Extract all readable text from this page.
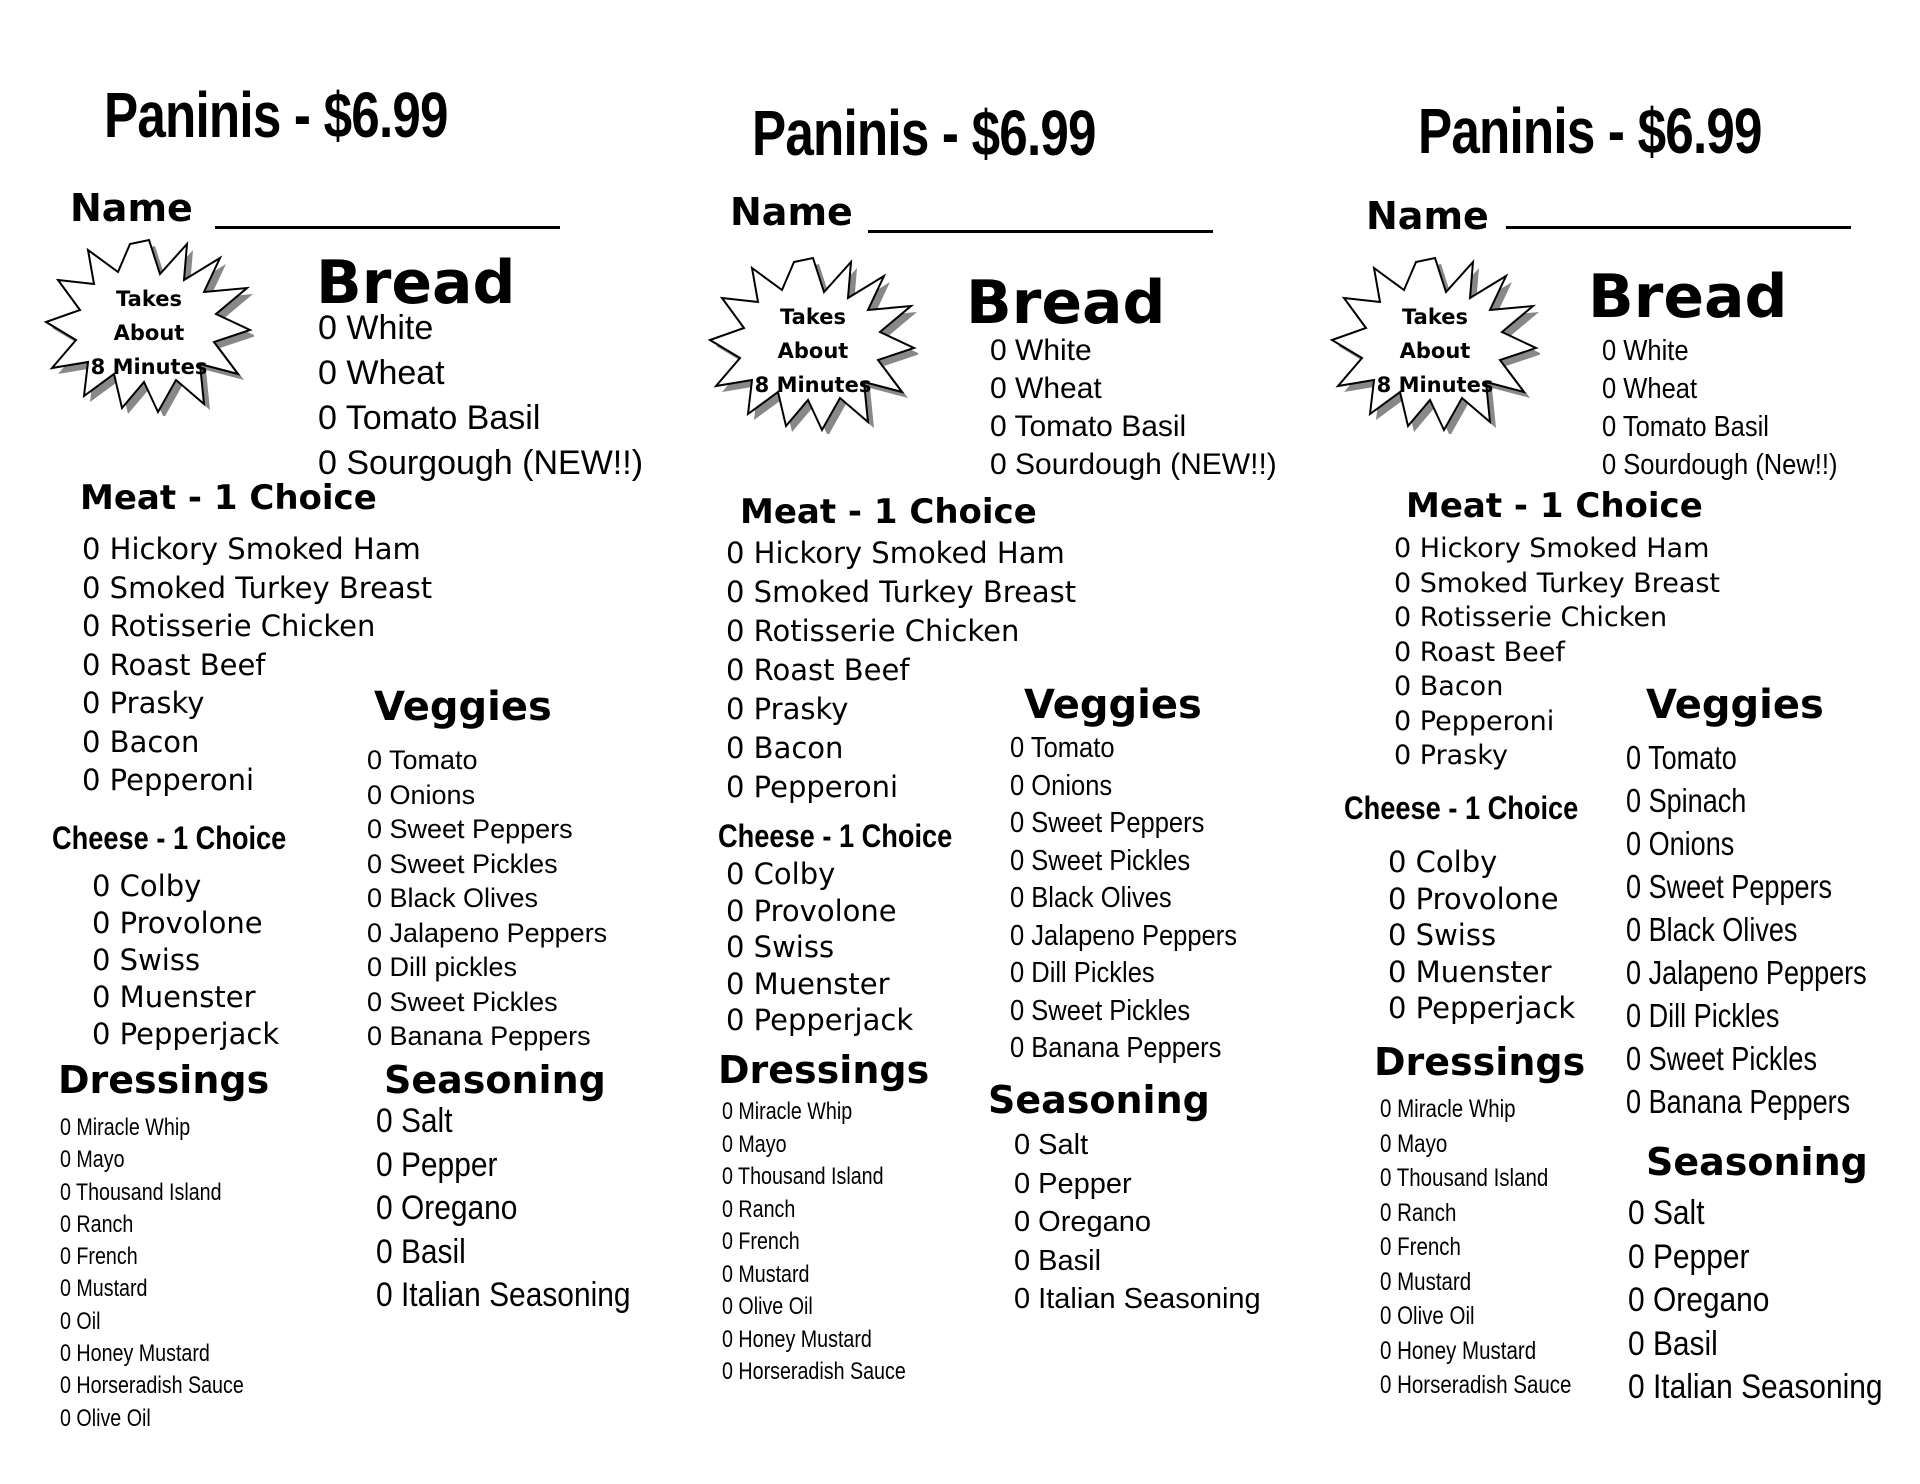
Paninis - $6.99
Name
Takes
About
8 Minutes
Bread
0 White
0 Wheat
0 Tomato Basil
0 Sourgough (NEW!!)
Meat - 1 Choice
0 Hickory Smoked Ham
0 Smoked Turkey Breast
0 Rotisserie Chicken
0 Roast Beef
0 Prasky
0 Bacon
0 Pepperoni
Veggies
0 Tomato
0 Onions
0 Sweet Peppers
0 Sweet Pickles
0 Black Olives
0 Jalapeno Peppers
0 Dill pickles
0 Sweet Pickles
0 Banana Peppers
Cheese - 1 Choice
0 Colby
0 Provolone
0 Swiss
0 Muenster
0 Pepperjack
Dressings
0 Miracle Whip
0 Mayo
0 Thousand Island
0 Ranch
0 French
0 Mustard
0 Oil
0 Honey Mustard
0 Horseradish Sauce
0 Olive Oil
Seasoning
0 Salt
0 Pepper
0 Oregano
0 Basil
0 Italian Seasoning
Paninis - $6.99
Name
Takes
About
8 Minutes
Bread
0 White
0 Wheat
0 Tomato Basil
0 Sourdough (NEW!!)
Meat - 1 Choice
0 Hickory Smoked Ham
0 Smoked Turkey Breast
0 Rotisserie Chicken
0 Roast Beef
0 Prasky
0 Bacon
0 Pepperoni
Veggies
0 Tomato
0 Onions
0 Sweet Peppers
0 Sweet Pickles
0 Black Olives
0 Jalapeno Peppers
0 Dill Pickles
0 Sweet Pickles
0 Banana Peppers
Cheese - 1 Choice
0 Colby
0 Provolone
0 Swiss
0 Muenster
0 Pepperjack
Dressings
0 Miracle Whip
0 Mayo
0 Thousand Island
0 Ranch
0 French
0 Mustard
0 Olive Oil
0 Honey Mustard
0 Horseradish Sauce
Seasoning
0 Salt
0 Pepper
0 Oregano
0 Basil
0 Italian Seasoning
Paninis - $6.99
Name
Takes
About
8 Minutes
Bread
0 White
0 Wheat
0 Tomato Basil
0 Sourdough (New!!)
Meat - 1 Choice
0 Hickory Smoked Ham
0 Smoked Turkey Breast
0 Rotisserie Chicken
0 Roast Beef
0 Bacon
0 Pepperoni
0 Prasky
Veggies
0 Tomato
0 Spinach
0 Onions
0 Sweet Peppers
0 Black Olives
0 Jalapeno Peppers
0 Dill Pickles
0 Sweet Pickles
0 Banana Peppers
Cheese - 1 Choice
0 Colby
0 Provolone
0 Swiss
0 Muenster
0 Pepperjack
Dressings
0 Miracle Whip
0 Mayo
0 Thousand Island
0 Ranch
0 French
0 Mustard
0 Olive Oil
0 Honey Mustard
0 Horseradish Sauce
Seasoning
0 Salt
0 Pepper
0 Oregano
0 Basil
0 Italian Seasoning
